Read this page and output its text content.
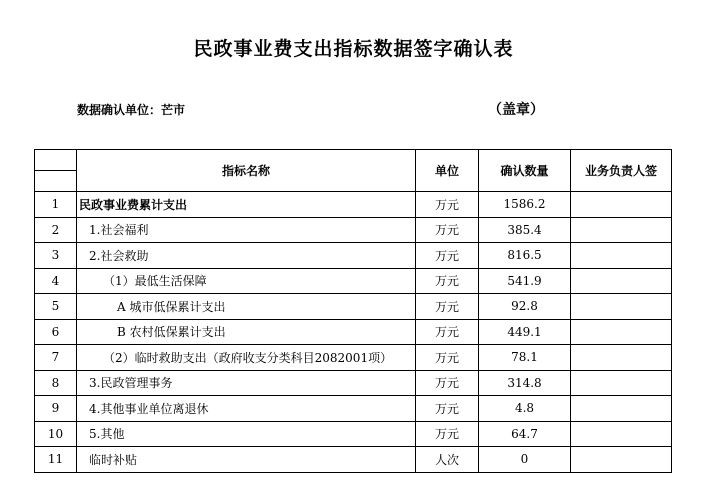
民政事业费支出指标数据签字确认表
数据确认单位：芒市	（盖章）
	指标名称	单位	确认数量	业务负责人签
1	民政事业费累计支出	万元	1586.2	
2	1.社会福利	万元	385.4	
3	2.社会救助	万元	816.5	
4	（1）最低生活保障	万元	541.9	
5	A 城市低保累计支出	万元	92.8	
6	B 农村低保累计支出	万元	449.1	
7	（2）临时救助支出（政府收支分类科目2082001项）	万元	78.1	
8	3.民政管理事务	万元	314.8	
9	4.其他事业单位离退休	万元	4.8	
10	5.其他	万元	64.7	
11	临时补贴	人次	0	
